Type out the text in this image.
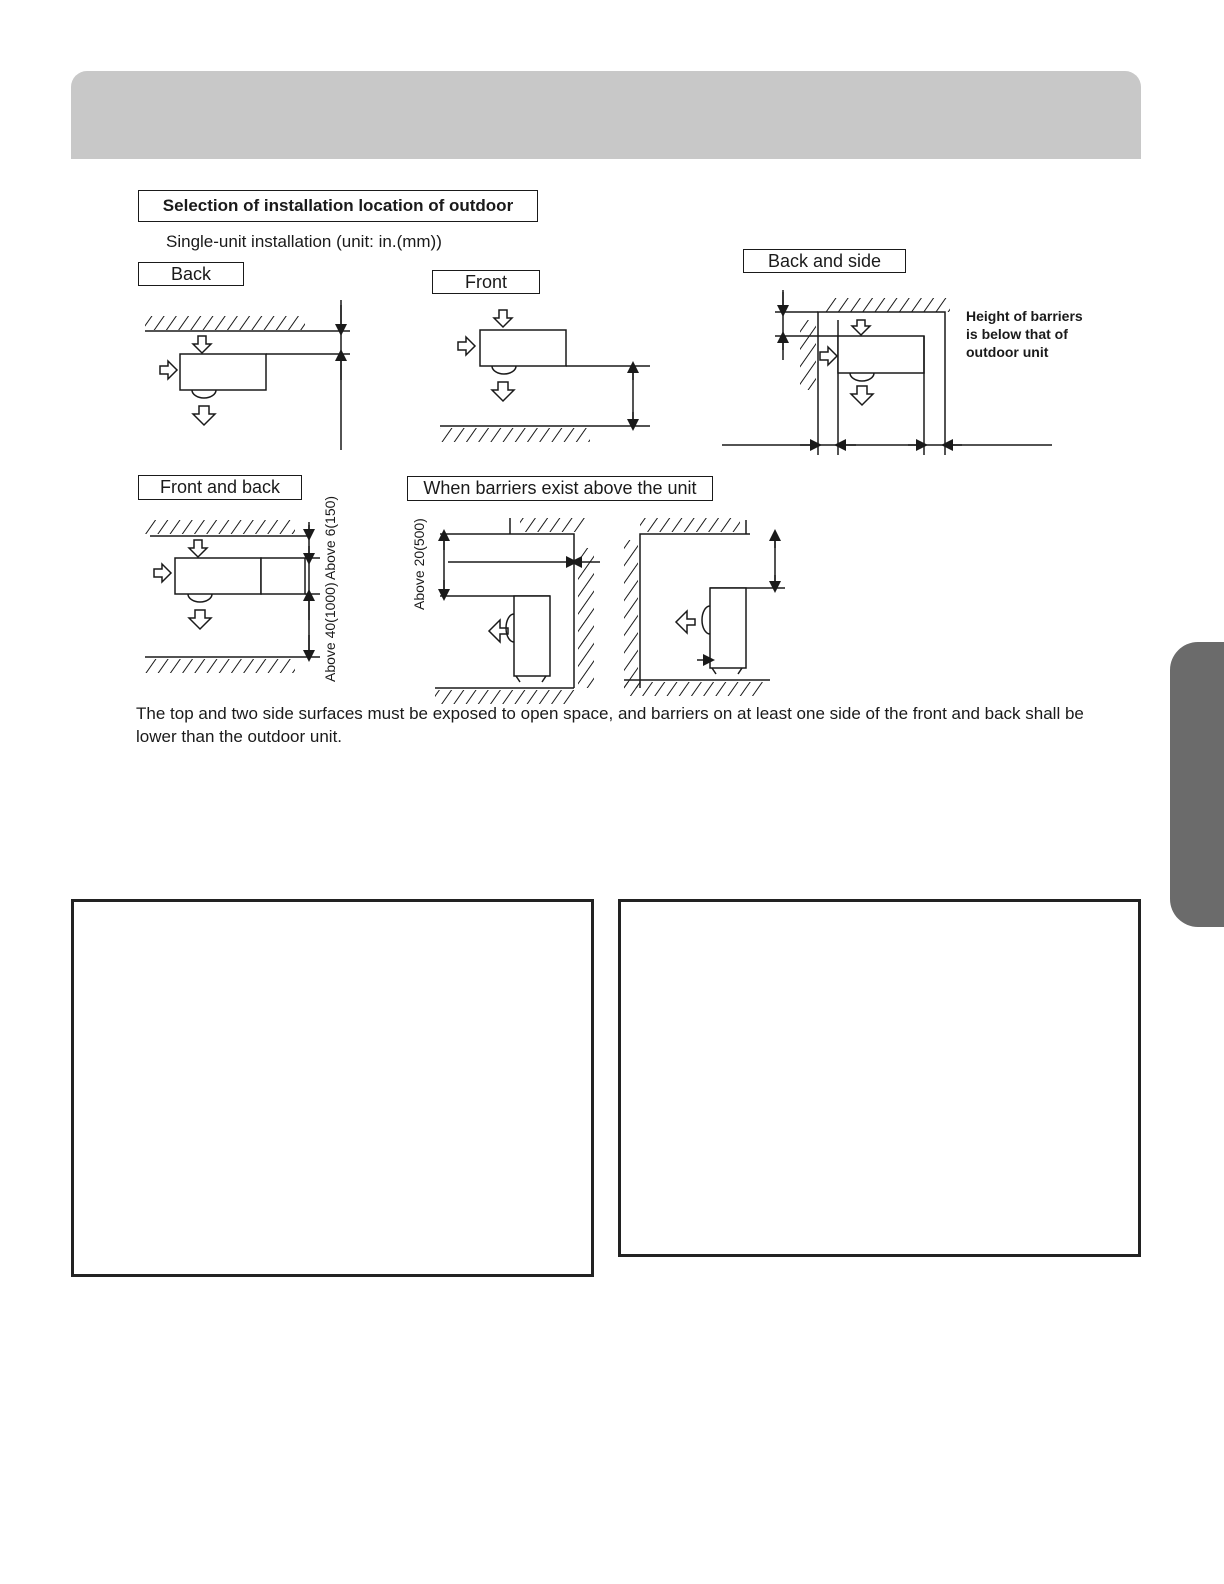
Selection of installation location of outdoor
Single-unit installation (unit: in.(mm))
Back	Front
Back and side
Front and back	When barriers exist above the unit
Height of barriers is below that of outdoor unit
Above 6(150)
Above 40(1000)
Above 20(500)
The top and two side surfaces must be exposed to open space, and barriers on at least one side of the front and back shall be lower than the outdoor unit.
